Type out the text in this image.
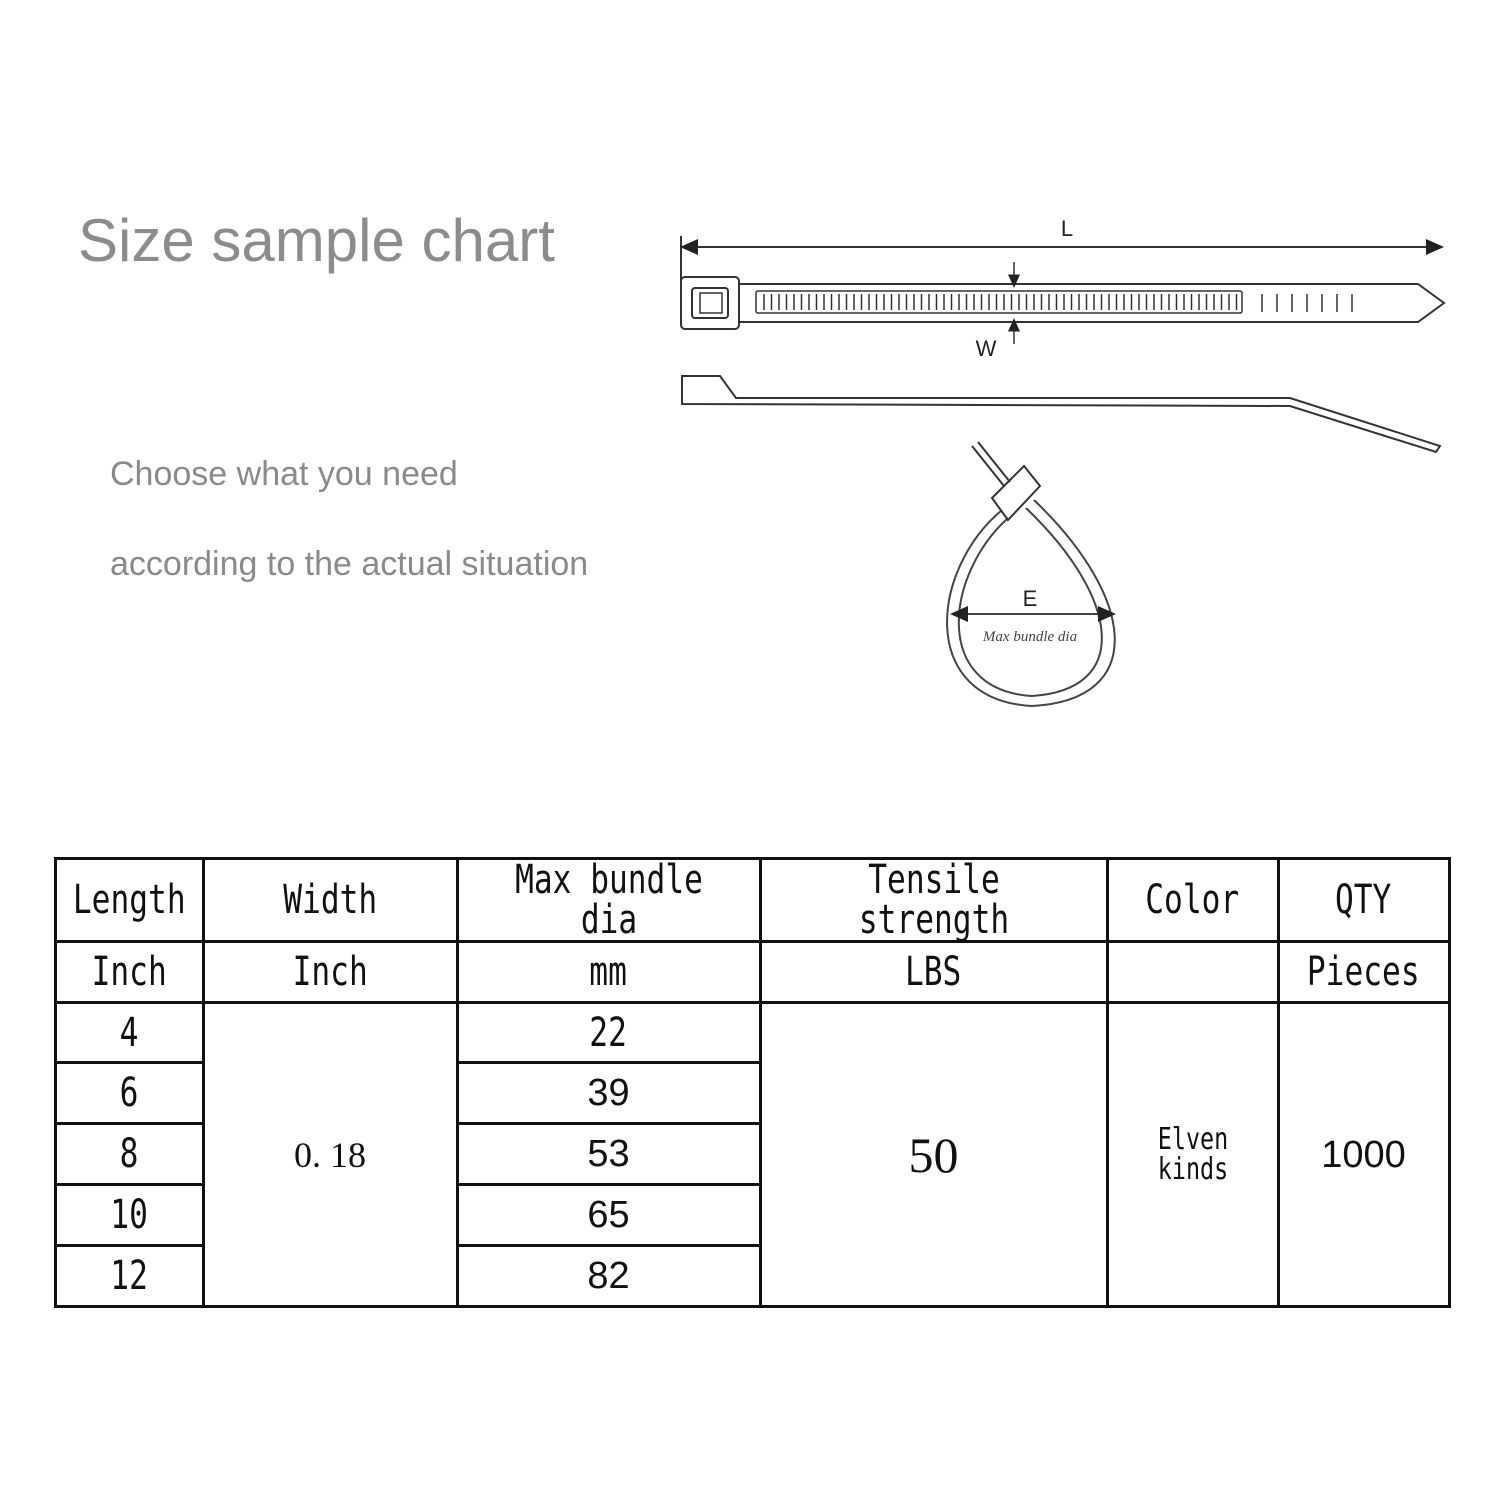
Size sample chart
Choose what you need
according to the actual situation
L
W
E
Max bundle dia
Length	Width	Max bundle dia	Tensile strength	Color	QTY
Inch	Inch	mm	LBS		Pieces
4	0. 18	22	50	Elven kinds	1000
6		39			
8		53			
10		65			
12		82			
